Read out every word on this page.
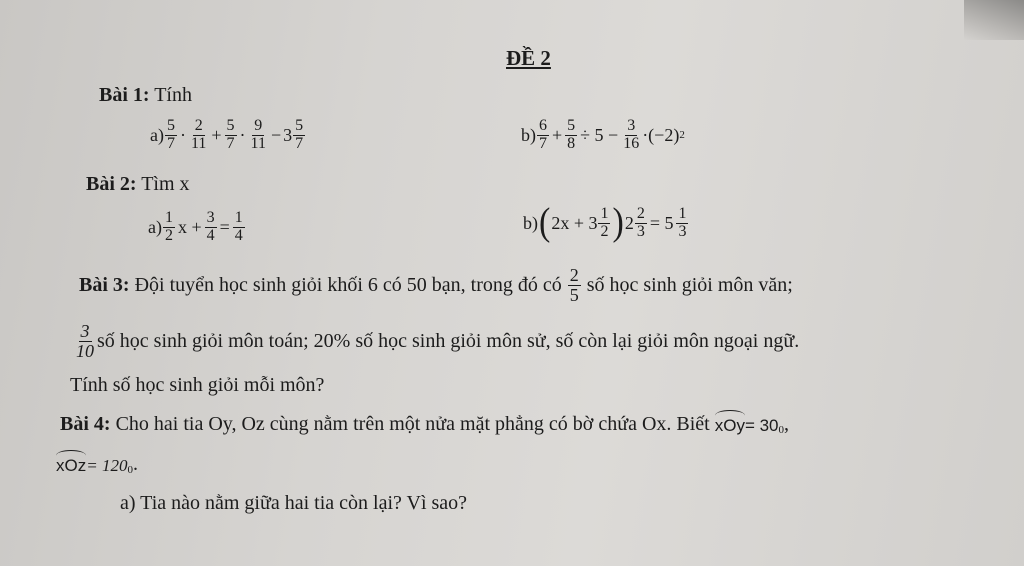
ĐỀ 2
Bài 1: Tính
$a) \frac{5}{7} \cdot \frac{2}{11} + \frac{5}{7} \cdot \frac{9}{11} - 3 \frac{5}{7}$	$b) \frac{6}{7} + \frac{5}{8} \div 5 - \frac{3}{16} \cdot(-2)$ 2
Bài 2: Tìm x
$a) \frac{1}{2}$ $x + \frac{3}{4} = \frac{1}{4}$	b) ( $2x + 3 \frac{1}{2}$ ) $2 \frac{2}{3} = 5 \frac{1}{3}$
Bài 3:
Đội tuyển học sinh giỏi khối 6 có 50 bạn, trong đó có
$\frac{2}{5}$
số học sinh giỏi môn văn;
$\frac{3}{10}$ số học sinh giỏi môn toán; 20% số học sinh giỏi môn sử, số còn lại giỏi môn ngoại ngữ.
Tính số học sinh giỏi mỗi môn?
Bài 4:
Cho hai tia Oy, Oz cùng nằm trên một nửa mặt phẳng có bờ chứa Ox. Biết
xOy = $30_0$ ,
xOz = $120_0$ .
a) Tia nào nằm giữa hai tia còn lại? Vì sao?
